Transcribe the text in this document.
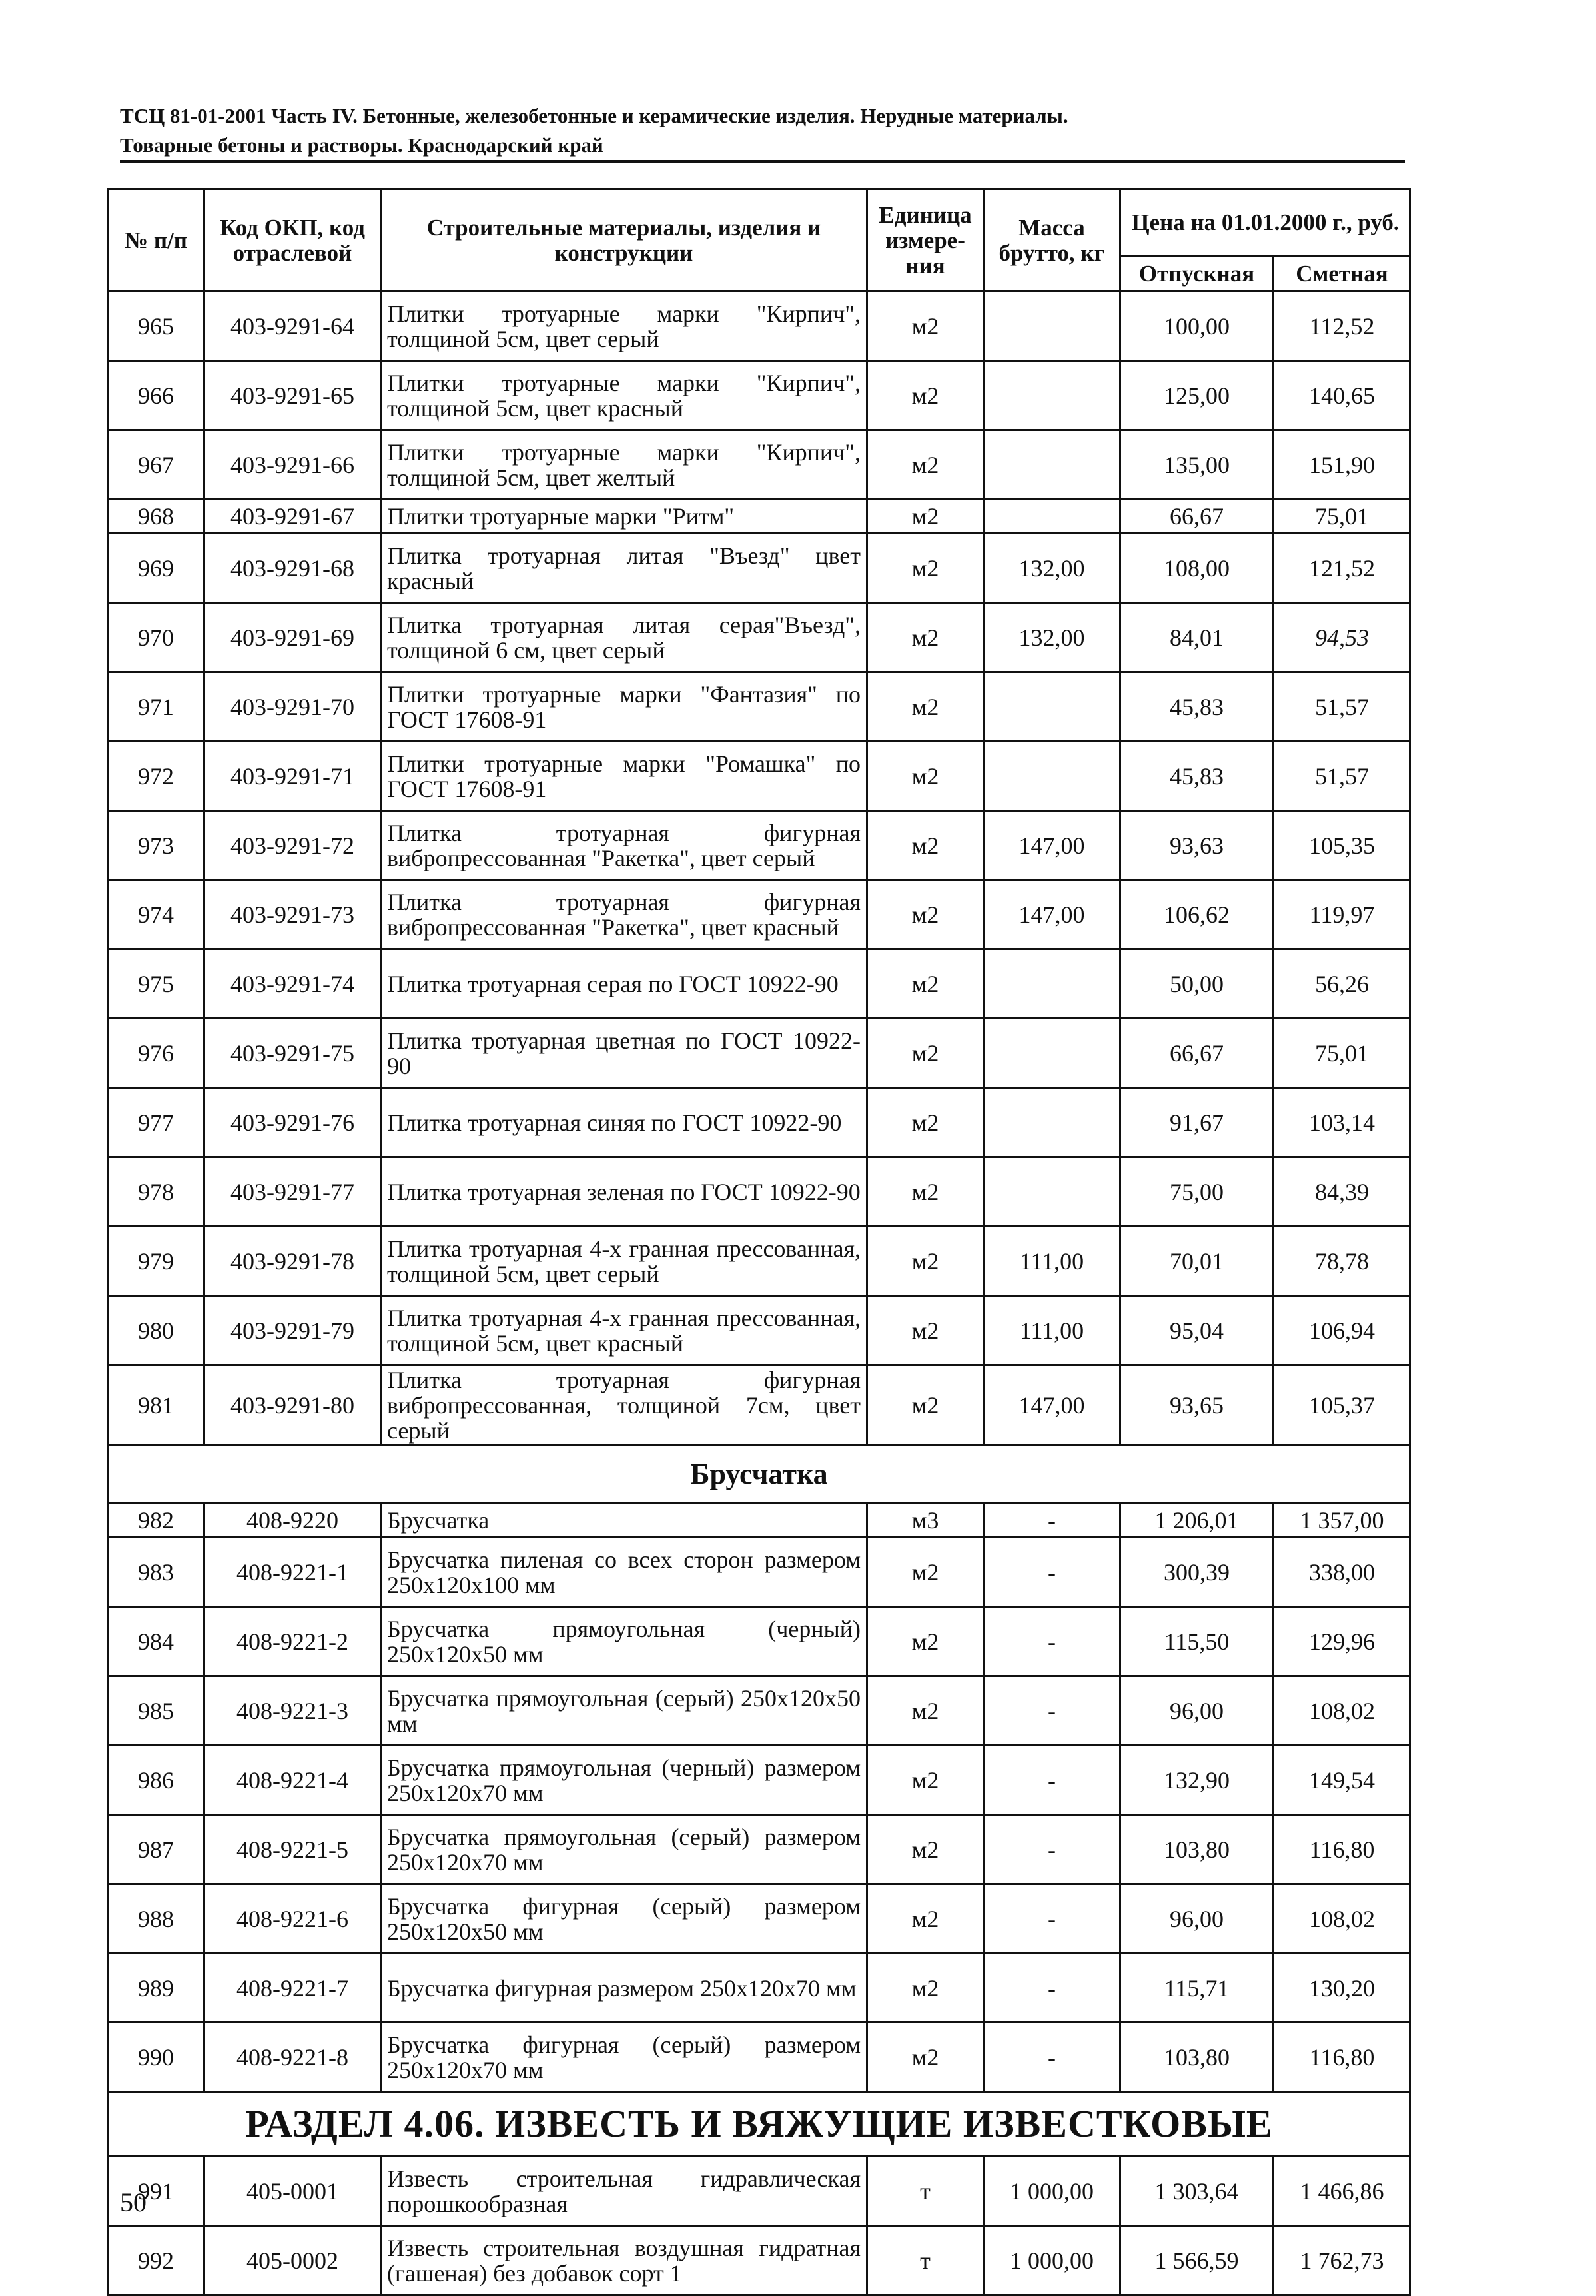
ТСЦ 81-01-2001 Часть IV. Бетонные, железобетонные и керамические изделия. Нерудные материалы.
Товарные бетоны и растворы. Краснодарский край
№ п/п	Код ОКП, код отраслевой	Строительные материалы, изделия и конструкции	Единица измере-ния	Масса брутто, кг	Цена на 01.01.2000 г., руб.	
					Отпускная	Сметная
965	403-9291-64	Плитки тротуарные марки "Кирпич", толщиной 5см, цвет серый	м2		100,00	112,52
966	403-9291-65	Плитки тротуарные марки "Кирпич", толщиной 5см, цвет красный	м2		125,00	140,65
967	403-9291-66	Плитки тротуарные марки "Кирпич", толщиной 5см, цвет желтый	м2		135,00	151,90
968	403-9291-67	Плитки тротуарные марки "Ритм"	м2		66,67	75,01
969	403-9291-68	Плитка тротуарная литая "Въезд" цвет красный	м2	132,00	108,00	121,52
970	403-9291-69	Плитка тротуарная литая серая"Въезд", толщиной 6 см, цвет серый	м2	132,00	84,01	94,53
971	403-9291-70	Плитки тротуарные марки "Фантазия" по ГОСТ 17608-91	м2		45,83	51,57
972	403-9291-71	Плитки тротуарные марки "Ромашка" по ГОСТ 17608-91	м2		45,83	51,57
973	403-9291-72	Плитка тротуарная фигурная вибропрессованная "Ракетка", цвет серый	м2	147,00	93,63	105,35
974	403-9291-73	Плитка тротуарная фигурная вибропрессованная "Ракетка", цвет красный	м2	147,00	106,62	119,97
975	403-9291-74	Плитка тротуарная серая по ГОСТ 10922-90	м2		50,00	56,26
976	403-9291-75	Плитка тротуарная цветная по ГОСТ 10922-90	м2		66,67	75,01
977	403-9291-76	Плитка тротуарная синяя по ГОСТ 10922-90	м2		91,67	103,14
978	403-9291-77	Плитка тротуарная зеленая по ГОСТ 10922-90	м2		75,00	84,39
979	403-9291-78	Плитка тротуарная 4-х гранная прессованная, толщиной 5см, цвет серый	м2	111,00	70,01	78,78
980	403-9291-79	Плитка тротуарная 4-х гранная прессованная, толщиной 5см, цвет красный	м2	111,00	95,04	106,94
981	403-9291-80	Плитка тротуарная фигурная вибропрессованная, толщиной 7см, цвет серый	м2	147,00	93,65	105,37
Брусчатка						
982	408-9220	Брусчатка	м3	-	1 206,01	1 357,00
983	408-9221-1	Брусчатка пиленая со всех сторон размером 250х120х100 мм	м2	-	300,39	338,00
984	408-9221-2	Брусчатка прямоугольная (черный) 250х120х50 мм	м2	-	115,50	129,96
985	408-9221-3	Брусчатка прямоугольная (серый) 250х120х50 мм	м2	-	96,00	108,02
986	408-9221-4	Брусчатка прямоугольная (черный) размером 250х120х70 мм	м2	-	132,90	149,54
987	408-9221-5	Брусчатка прямоугольная (серый) размером 250х120х70 мм	м2	-	103,80	116,80
988	408-9221-6	Брусчатка фигурная (серый) размером 250х120х50 мм	м2	-	96,00	108,02
989	408-9221-7	Брусчатка фигурная размером 250х120х70 мм	м2	-	115,71	130,20
990	408-9221-8	Брусчатка фигурная (серый) размером 250х120х70 мм	м2	-	103,80	116,80
РАЗДЕЛ 4.06. ИЗВЕСТЬ И ВЯЖУЩИЕ ИЗВЕСТКОВЫЕ						
991	405-0001	Известь строительная гидравлическая порошкообразная	т	1 000,00	1 303,64	1 466,86
992	405-0002	Известь строительная воздушная гидратная (гашеная) без добавок сорт 1	т	1 000,00	1 566,59	1 762,73
50
